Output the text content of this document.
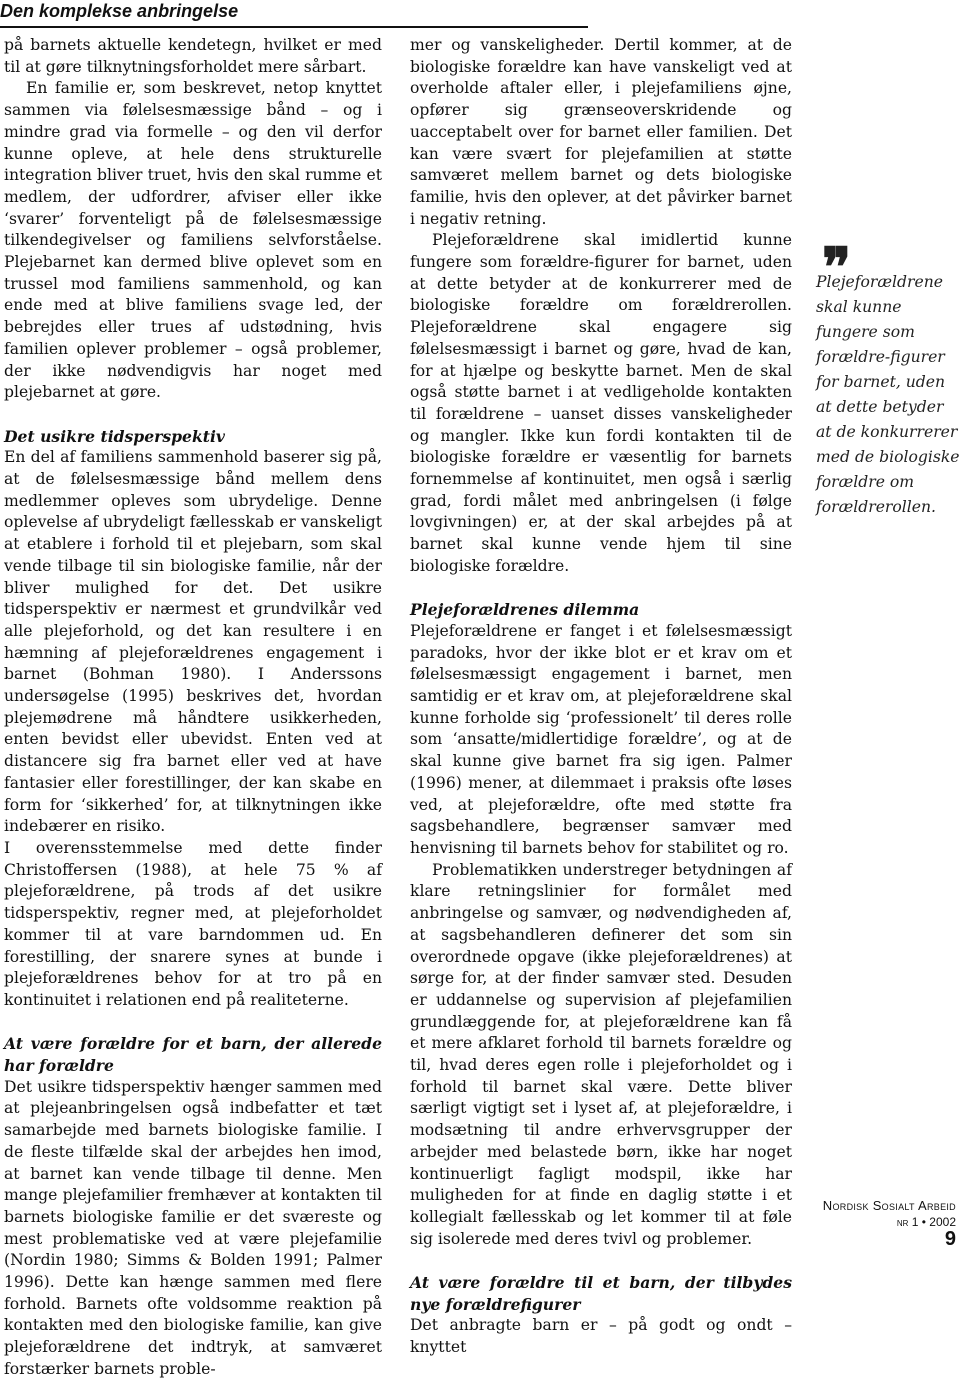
Den komplekse anbringelse

på barnets aktuelle kendetegn, hvilket er med til at gøre tilknytningsforholdet mere sårbart.

En familie er, som beskrevet, netop knyttet sammen via følelsesmæssige bånd – og i mindre grad via formelle – og den vil derfor kunne opleve, at hele dens strukturelle integration bliver truet, hvis den skal rumme et medlem, der udfordrer, afviser eller ikke ‘svarer’ forventeligt på de følelsesmæssige tilkendegivelser og familiens selvforståelse. Plejebarnet kan dermed blive oplevet som en trussel mod familiens sammenhold, og kan ende med at blive familiens svage led, der bebrejdes eller trues af udstødning, hvis familien oplever problemer – også problemer, der ikke nødvendigvis har noget med plejebarnet at gøre.

Det usikre tidsperspektiv

En del af familiens sammenhold baserer sig på, at de følelsesmæssige bånd mellem dens medlemmer opleves som ubrydelige. Denne oplevelse af ubrydeligt fællesskab er vanskeligt at etablere i forhold til et plejebarn, som skal vende tilbage til sin biologiske familie, når der bliver mulighed for det. Det usikre tidsperspektiv er nærmest et grundvilkår ved alle plejeforhold, og det kan resultere i en hæmning af plejeforældrenes engagement i barnet (Bohman 1980). I Anderssons undersøgelse (1995) beskrives det, hvordan plejemødrene må håndtere usikkerheden, enten bevidst eller ubevidst. Enten ved at distancere sig fra barnet eller ved at have fantasier eller forestillinger, der kan skabe en form for ‘sikkerhed’ for, at tilknytningen ikke indebærer en risiko.

I overensstemmelse med dette finder Christoffersen (1988), at hele 75 % af plejeforældrene, på trods af det usikre tidsperspektiv, regner med, at plejeforholdet kommer til at vare barndommen ud. En forestilling, der snarere synes at bunde i plejeforældrenes behov for at tro på en kontinuitet i relationen end på realiteterne.

At være forældre for et barn, der allerede har forældre

Det usikre tidsperspektiv hænger sammen med at plejeanbringelsen også indbefatter et tæt samarbejde med barnets biologiske familie. I de fleste tilfælde skal der arbejdes hen imod, at barnet kan vende tilbage til denne. Men mange plejefamilier fremhæver at kontakten til barnets biologiske familie er det sværeste og mest problematiske ved at være plejefamilie (Nordin 1980; Simms & Bolden 1991; Palmer 1996). Dette kan hænge sammen med flere forhold. Barnets ofte voldsomme reaktion på kontakten med den biologiske familie, kan give plejeforældrene det indtryk, at samværet forstærker barnets proble-

mer og vanskeligheder. Dertil kommer, at de biologiske forældre kan have vanskeligt ved at overholde aftaler eller, i plejefamiliens øjne, opfører sig grænseoverskridende og uacceptabelt over for barnet eller familien. Det kan være svært for plejefamilien at støtte samværet mellem barnet og dets biologiske familie, hvis den oplever, at det påvirker barnet i negativ retning.

Plejeforældrene skal imidlertid kunne fungere som forældre-figurer for barnet, uden at dette betyder at de konkurrerer med de biologiske forældre om forældrerollen. Plejeforældrene skal engagere sig følelsesmæssigt i barnet og gøre, hvad de kan, for at hjælpe og beskytte barnet. Men de skal også støtte barnet i at vedligeholde kontakten til forældrene – uanset disses vanskeligheder og mangler. Ikke kun fordi kontakten til de biologiske forældre er væsentlig for barnets fornemmelse af kontinuitet, men også i særlig grad, fordi målet med anbringelsen (i følge lovgivningen) er, at der skal arbejdes på at barnet skal kunne vende hjem til sine biologiske forældre.

Plejeforældrenes dilemma

Plejeforældrene er fanget i et følelsesmæssigt paradoks, hvor der ikke blot er et krav om et følelsesmæssigt engagement i barnet, men samtidig er et krav om, at plejeforældrene skal kunne forholde sig ‘professionelt’ til deres rolle som ‘ansatte/midlertidige forældre’, og at de skal kunne give barnet fra sig igen. Palmer (1996) mener, at dilemmaet i praksis ofte løses ved, at plejeforældre, ofte med støtte fra sagsbehandlere, begrænser samvær med henvisning til barnets behov for stabilitet og ro.

Problematikken understreger betydningen af klare retningslinier for formålet med anbringelse og samvær, og nødvendigheden af, at sagsbehandleren definerer det som sin overordnede opgave (ikke plejeforældrenes) at sørge for, at der finder samvær sted. Desuden er uddannelse og supervision af plejefamilien grundlæggende for, at plejeforældrene kan få et mere afklaret forhold til barnets forældre og til, hvad deres egen rolle i plejeforholdet og i forhold til barnet skal være. Dette bliver særligt vigtigt set i lyset af, at plejeforældre, i modsætning til andre erhvervsgrupper der arbejder med belastede børn, ikke har noget kontinuerligt fagligt modspil, ikke har muligheden for at finde en daglig støtte i et kollegialt fællesskab og let kommer til at føle sig isolerede med deres tvivl og problemer.

At være forældre til et barn, der tilbydes nye forældrefigurer

Det anbragte barn er – på godt og ondt – knyttet

❞
Plejeforældrene
skal kunne
fungere som
forældre-figurer
for barnet, uden
at dette betyder
at de konkurrerer
med de biologiske
forældre om
forældrerollen.
Nordisk Sosialt Arbeid
nr 1 • 2002
9
